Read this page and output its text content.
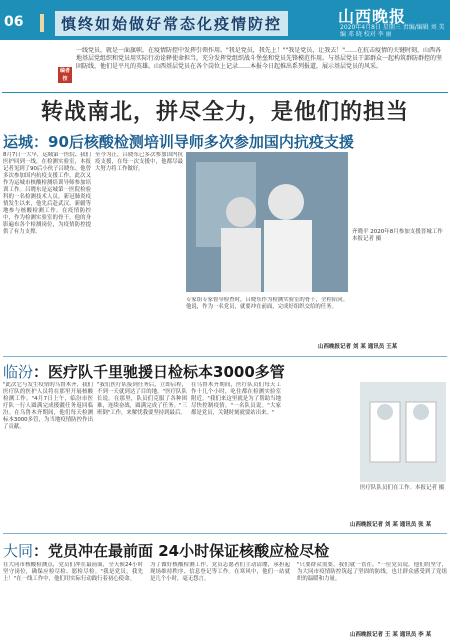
06	慎终如始做好常态化疫情防控	山西晚报
2020年4月8日 星期三 责编/编辑 刘 美编 邓 晓 校对 李 丽
编者按
一线党员，就是一面旗帜。在疫情防控中发挥引领作用。"我是党员，我先上！""我是党员，让我去！"……在抗击疫情的关键时刻，山西各地基层党组织和党员用实际行动诠释使命担当，充分发挥党组织战斗堡垒和党员先锋模范作用。与基层党员干部群众一起构筑群防群控的坚固防线，他们是平凡的英雄。山西基层党员在各个岗位上记录……本报今日起推出系列报道，展示基层党员的风采。
转战南北，拼尽全力，是他们的担当
运城：90后核酸检测培训导师多次参加国内抗疫支援
8月7日一大早，运城第一医院、我们医护回到一线，在检测实验室，本报记者见到了90后小伙子吕晓东。他曾多次参加国内抗疫支援工作，此次又作为运城市核酸检测培训导师参加培训工作。吕晓东是运城第一医院检验科的一名检测技术人员。新冠肺炎疫情发生以来，他先后赴武汉、新疆等地参与核酸检测工作。在疫情防控中，作为检测实验室的骨干，他的身影遍布各个检测岗位，为疫情防控提供了有力支撑。
至今为止，吕晓东已多次参加国内抗疫支援，在每一次支援中，他都尽最大努力将工作做好。
齐晓平 2020年8月参加支援晋城工作本报记者 摄
专家组专家督导检查时，吕晓东作为检测实验室的骨干，全程陪同。他说，作为一名党员，就要冲在前面，完成好组织交给的任务。
山西晚报记者 刘 某 通讯员 王某
临汾：医疗队千里驰援日检标本3000多管
"此次它与发生疫情的乌鲁木齐，我们医疗队的医护人员将在那里开展核酸检测工作。"4月7日上午，临汾市医疗队一行人圆满完成援疆任务返回临汾。在乌鲁木齐期间，他们每天检测标本3000多管，为当地疫情防控作出了贡献。
"我们医疗队接到任务后，立即启程，不到一天就到达了目的地。"医疗队队长说。在那里，队员们克服了各种困难，连续奋战，圆满完成了任务。"三班倒"工作，来解忧我要坚持到最后。
在乌鲁木齐期间，医疗队员们每天工作十几个小时，吃住都在检测实验室附近。"我们来这里就是为了帮助当地尽快控制疫情。"一名队员说。"大家都是党员，关键时刻就要站出来。"
医疗队队员们在工作。本报记者 摄
山西晚报记者 刘 某 通讯员 张 某
大同：党员冲在最前面 24小时保证核酸应检尽检
在大同市核酸检测点，党员们冲在最前面，全天候24小时坚守岗位，确保应检尽检、愿检尽检。"我是党员，我先上！"在一线工作中，他们用实际行动践行着初心使命。
为了做好核酸检测工作，党员志愿者们主动请缨，承担起现场维持秩序、信息登记等工作。在寒风中，他们一站就是几个小时，毫无怨言。
"只要群众需要，我们就一直在。"一位党员说。他们的坚守，为大同市疫情防控筑起了坚固的防线，也让群众感受到了党组织的温暖和力量。
山西晚报记者 王 某 通讯员 李 某
